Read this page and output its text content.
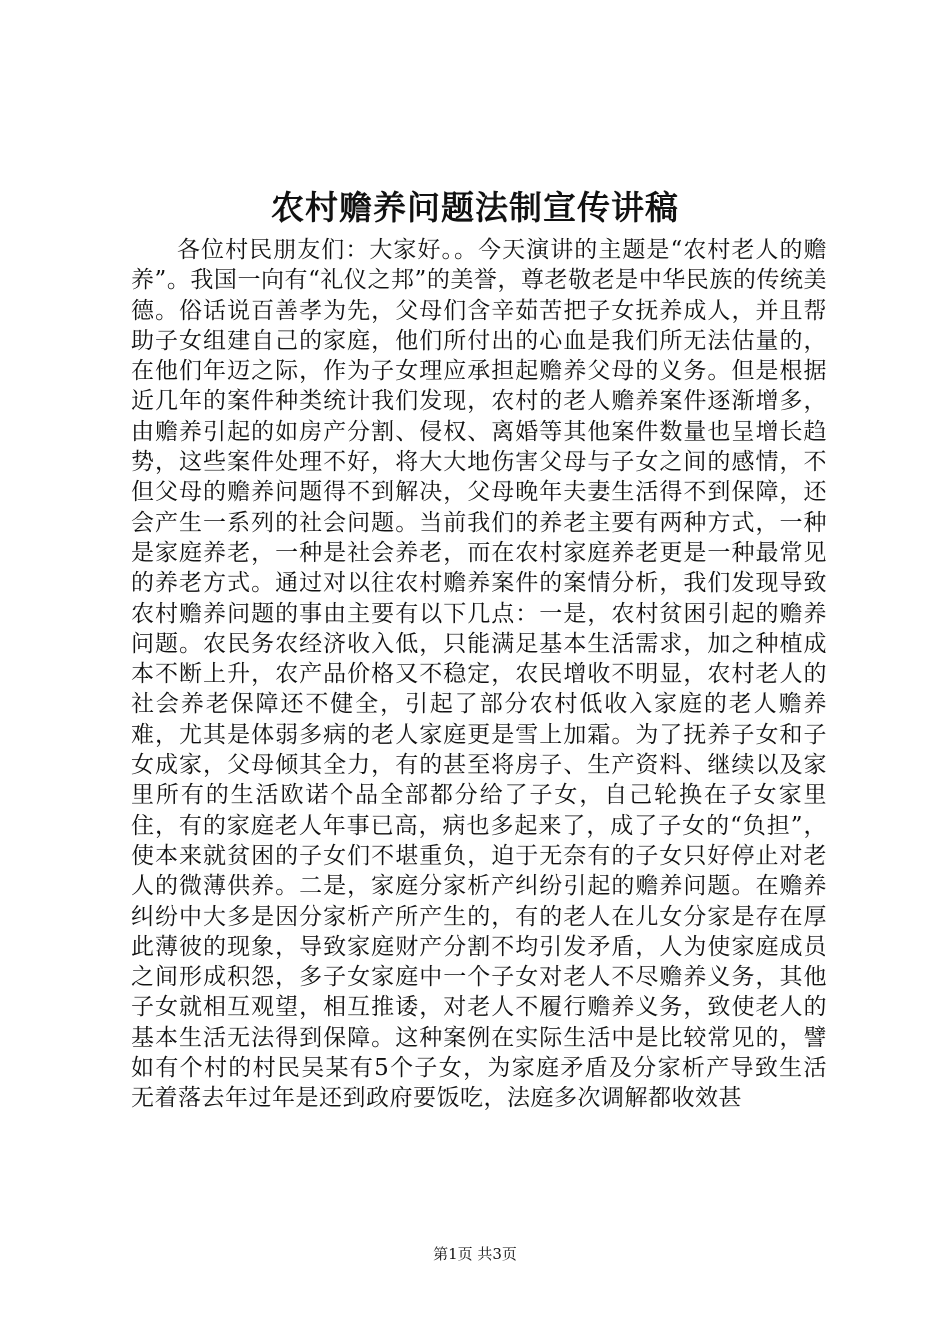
农村赡养问题法制宣传讲稿

各位村民朋友们：大家好。。今天演讲的主题是“农村老人的赡养”。我国一向有“礼仪之邦”的美誉，尊老敬老是中华民族的传统美德。俗话说百善孝为先，父母们含辛茹苦把子女抚养成人，并且帮助子女组建自己的家庭，他们所付出的心血是我们所无法估量的，在他们年迈之际，作为子女理应承担起赡养父母的义务。但是根据近几年的案件种类统计我们发现，农村的老人赡养案件逐渐增多，由赡养引起的如房产分割、侵权、离婚等其他案件数量也呈增长趋势，这些案件处理不好，将大大地伤害父母与子女之间的感情，不但父母的赡养问题得不到解决，父母晚年夫妻生活得不到保障，还会产生一系列的社会问题。当前我们的养老主要有两种方式，一种是家庭养老，一种是社会养老，而在农村家庭养老更是一种最常见的养老方式。通过对以往农村赡养案件的案情分析，我们发现导致农村赡养问题的事由主要有以下几点：一是，农村贫困引起的赡养问题。农民务农经济收入低，只能满足基本生活需求，加之种植成本不断上升，农产品价格又不稳定，农民增收不明显，农村老人的社会养老保障还不健全，引起了部分农村低收入家庭的老人赡养难，尤其是体弱多病的老人家庭更是雪上加霜。为了抚养子女和子女成家，父母倾其全力，有的甚至将房子、生产资料、继续以及家里所有的生活欧诺个品全部都分给了子女，自己轮换在子女家里住，有的家庭老人年事已高，病也多起来了，成了子女的“负担”，使本来就贫困的子女们不堪重负，迫于无奈有的子女只好停止对老人的微薄供养。二是，家庭分家析产纠纷引起的赡养问题。在赡养纠纷中大多是因分家析产所产生的，有的老人在儿女分家是存在厚此薄彼的现象，导致家庭财产分割不均引发矛盾，人为使家庭成员之间形成积怨，多子女家庭中一个子女对老人不尽赡养义务，其他子女就相互观望，相互推诿，对老人不履行赡养义务，致使老人的基本生活无法得到保障。这种案例在实际生活中是比较常见的，譬如有个村的村民吴某有5个子女，为家庭矛盾及分家析产导致生活无着落去年过年是还到政府要饭吃，法庭多次调解都收效甚

第1页 共3页
